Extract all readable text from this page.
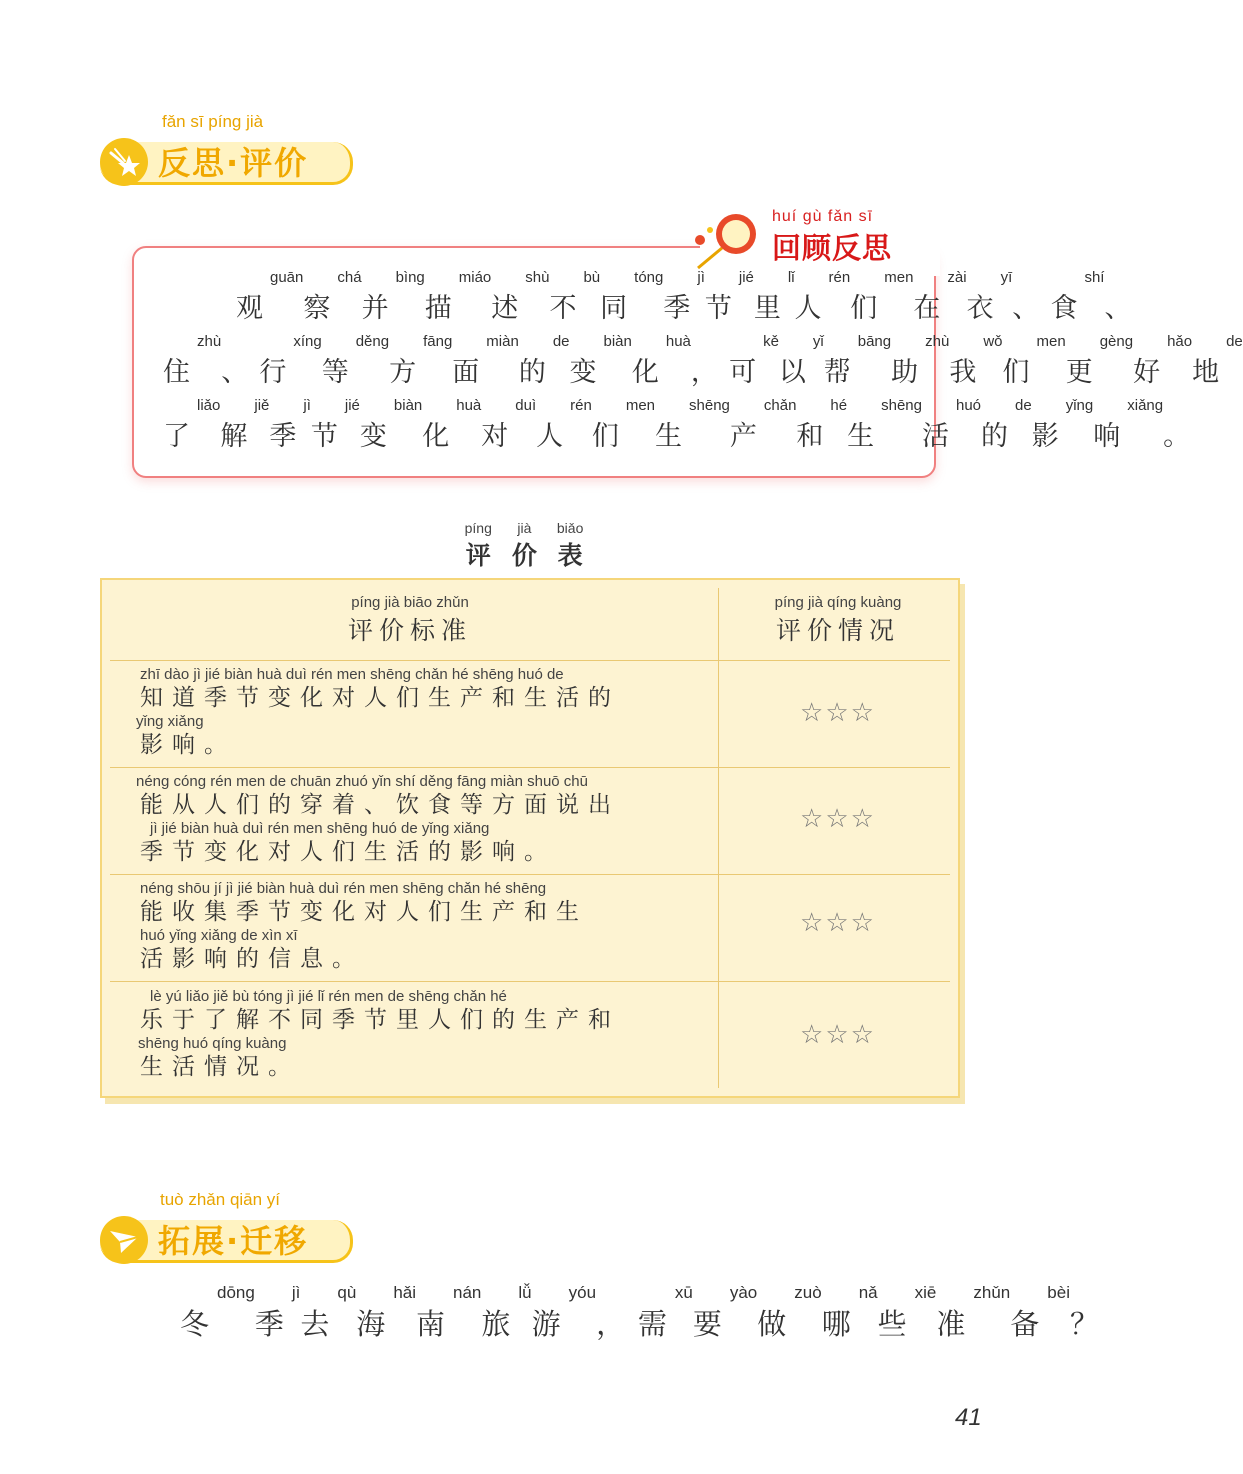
fǎn sī píng jià
反思·评价
huí gù fǎn sī
回顾反思
观guān察chá并bìng描miáo述shù不bù同tóng季jì节jié里lǐ人rén们men在zài衣yī、 食shí、
住zhù、 行xíng等děng方fāng面miàn的de变biàn化huà， 可kě以yǐ帮bāng助zhù我wǒ们men更gèng好hǎo地de
了liǎo解jiě季jì节jié变biàn化huà对duì人rén们men生shēng产chǎn和hé生shēng活huó的de影yǐng响xiǎng。
píng
评
jià
价
biǎo
表
píng jià biāo zhǔn
评价标准
píng jià qíng kuàng
评价情况
zhī dào jì jié biàn huà duì rén men shēng chǎn hé shēng huó de
知道季节变化对人们生产和生活的
yǐng xiǎng
影响。
☆☆☆
néng cóng rén men de chuān zhuó yǐn shí děng fāng miàn shuō chū
能从人们的穿着、饮食等方面说出
jì jié biàn huà duì rén men shēng huó de yǐng xiǎng
季节变化对人们生活的影响。
☆☆☆
néng shōu jí jì jié biàn huà duì rén men shēng chǎn hé shēng
能收集季节变化对人们生产和生
huó yǐng xiǎng de xìn xī
活影响的信息。
☆☆☆
lè yú liǎo jiě bù tóng jì jié lǐ rén men de shēng chǎn hé
乐于了解不同季节里人们的生产和
shēng huó qíng kuàng
生活情况。
☆☆☆
tuò zhǎn qiān yí
拓展·迁移
冬dōng季jì去qù海hǎi南nán旅lǚ游yóu， 需xū要yào做zuò哪nǎ些xiē准zhǔn备bèi？
41
